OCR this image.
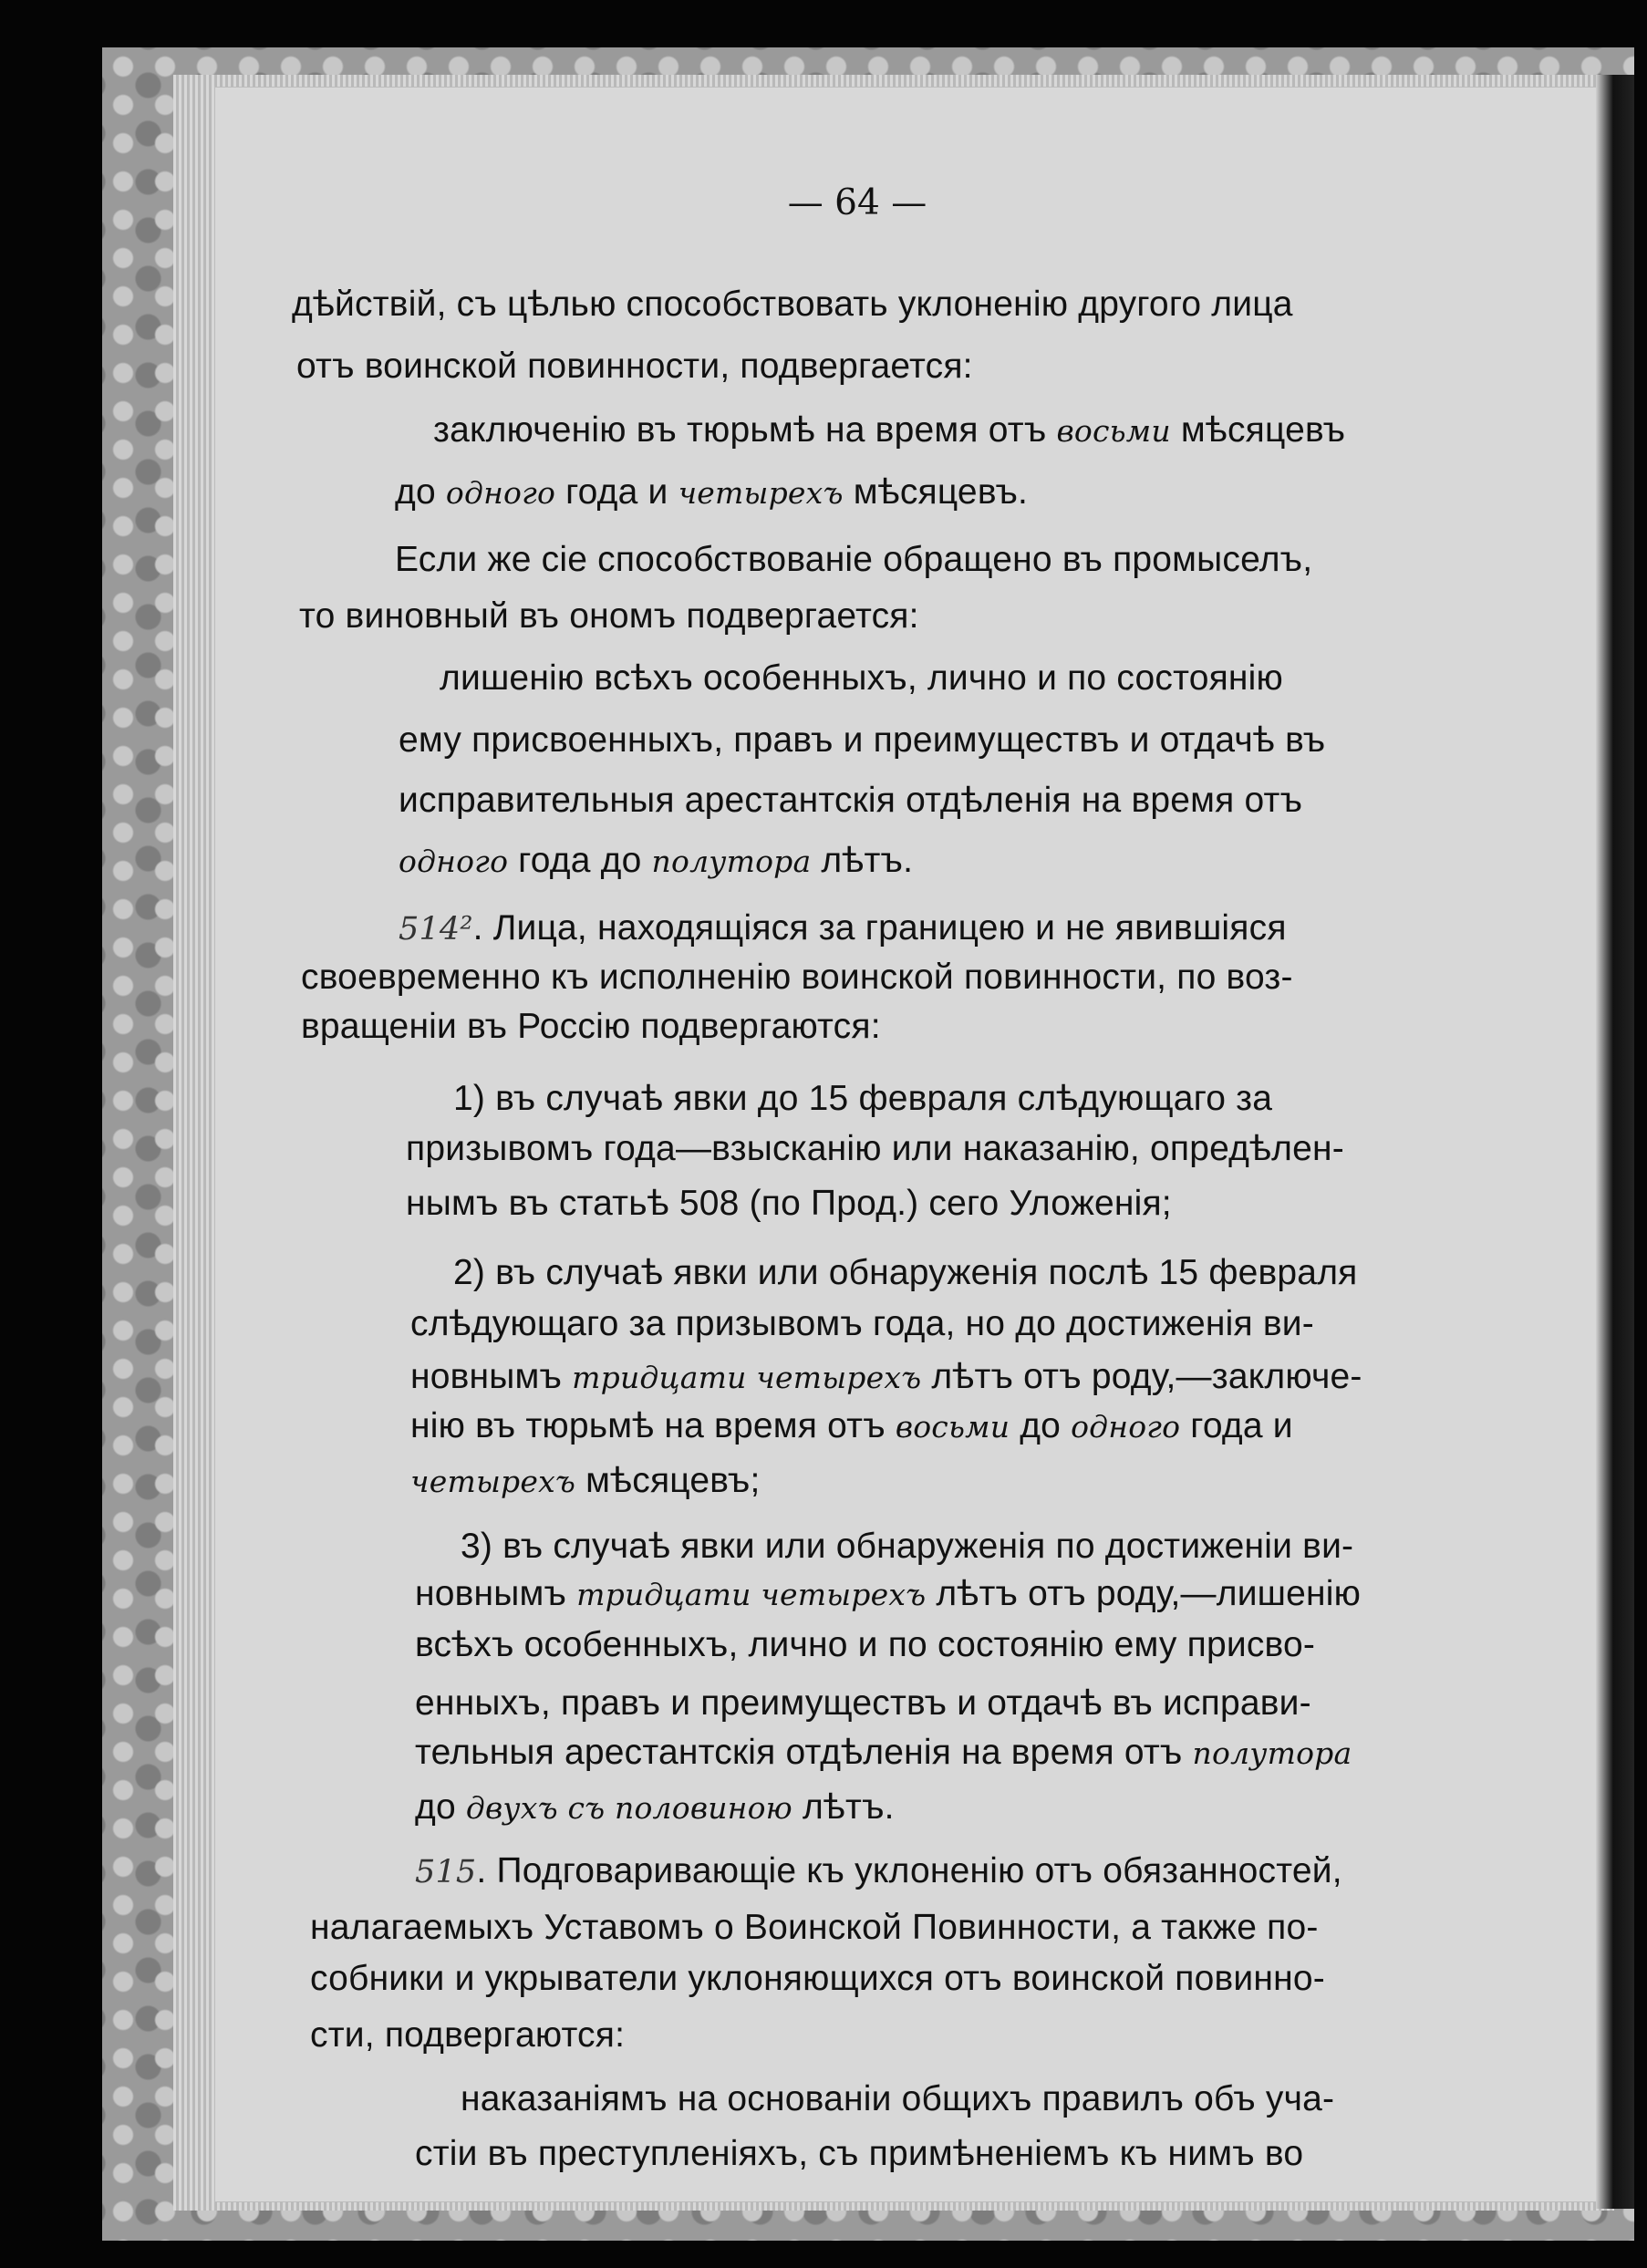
— 64 —
дѣйствій, съ цѣлью способствовать уклоненію другого лица
отъ воинской повинности, подвергается:
заключенію въ тюрьмѣ на время отъ восьми мѣсяцевъ
до одного года и четырехъ мѣсяцевъ.
Если же сіе способствованіе обращено въ промыселъ,
то виновный въ ономъ подвергается:
лишенію всѣхъ особенныхъ, лично и по состоянію
ему присвоенныхъ, правъ и преимуществъ и отдачѣ въ
исправительныя арестантскія отдѣленія на время отъ
одного года до полутора лѣтъ.
514². Лица, находящіяся за границею и не явившіяся
своевременно къ исполненію воинской повинности, по воз-
вращеніи въ Россію подвергаются:
1) въ случаѣ явки до 15 февраля слѣдующаго за
призывомъ года—взысканію или наказанію, опредѣлен-
нымъ въ статьѣ 508 (по Прод.) сего Уложенія;
2) въ случаѣ явки или обнаруженія послѣ 15 февраля
слѣдующаго за призывомъ года, но до достиженія ви-
новнымъ тридцати четырехъ лѣтъ отъ роду,—заключе-
нію въ тюрьмѣ на время отъ восьми до одного года и
четырехъ мѣсяцевъ;
3) въ случаѣ явки или обнаруженія по достиженіи ви-
новнымъ тридцати четырехъ лѣтъ отъ роду,—лишенію
всѣхъ особенныхъ, лично и по состоянію ему присво-
енныхъ, правъ и преимуществъ и отдачѣ въ исправи-
тельныя арестантскія отдѣленія на время отъ полутора
до двухъ съ половиною лѣтъ.
515. Подговаривающіе къ уклоненію отъ обязанностей,
налагаемыхъ Уставомъ о Воинской Повинности, а также по-
собники и укрыватели уклоняющихся отъ воинской повинно-
сти, подвергаются:
наказаніямъ на основаніи общихъ правилъ объ уча-
стіи въ преступленіяхъ, съ примѣненіемъ къ нимъ во
